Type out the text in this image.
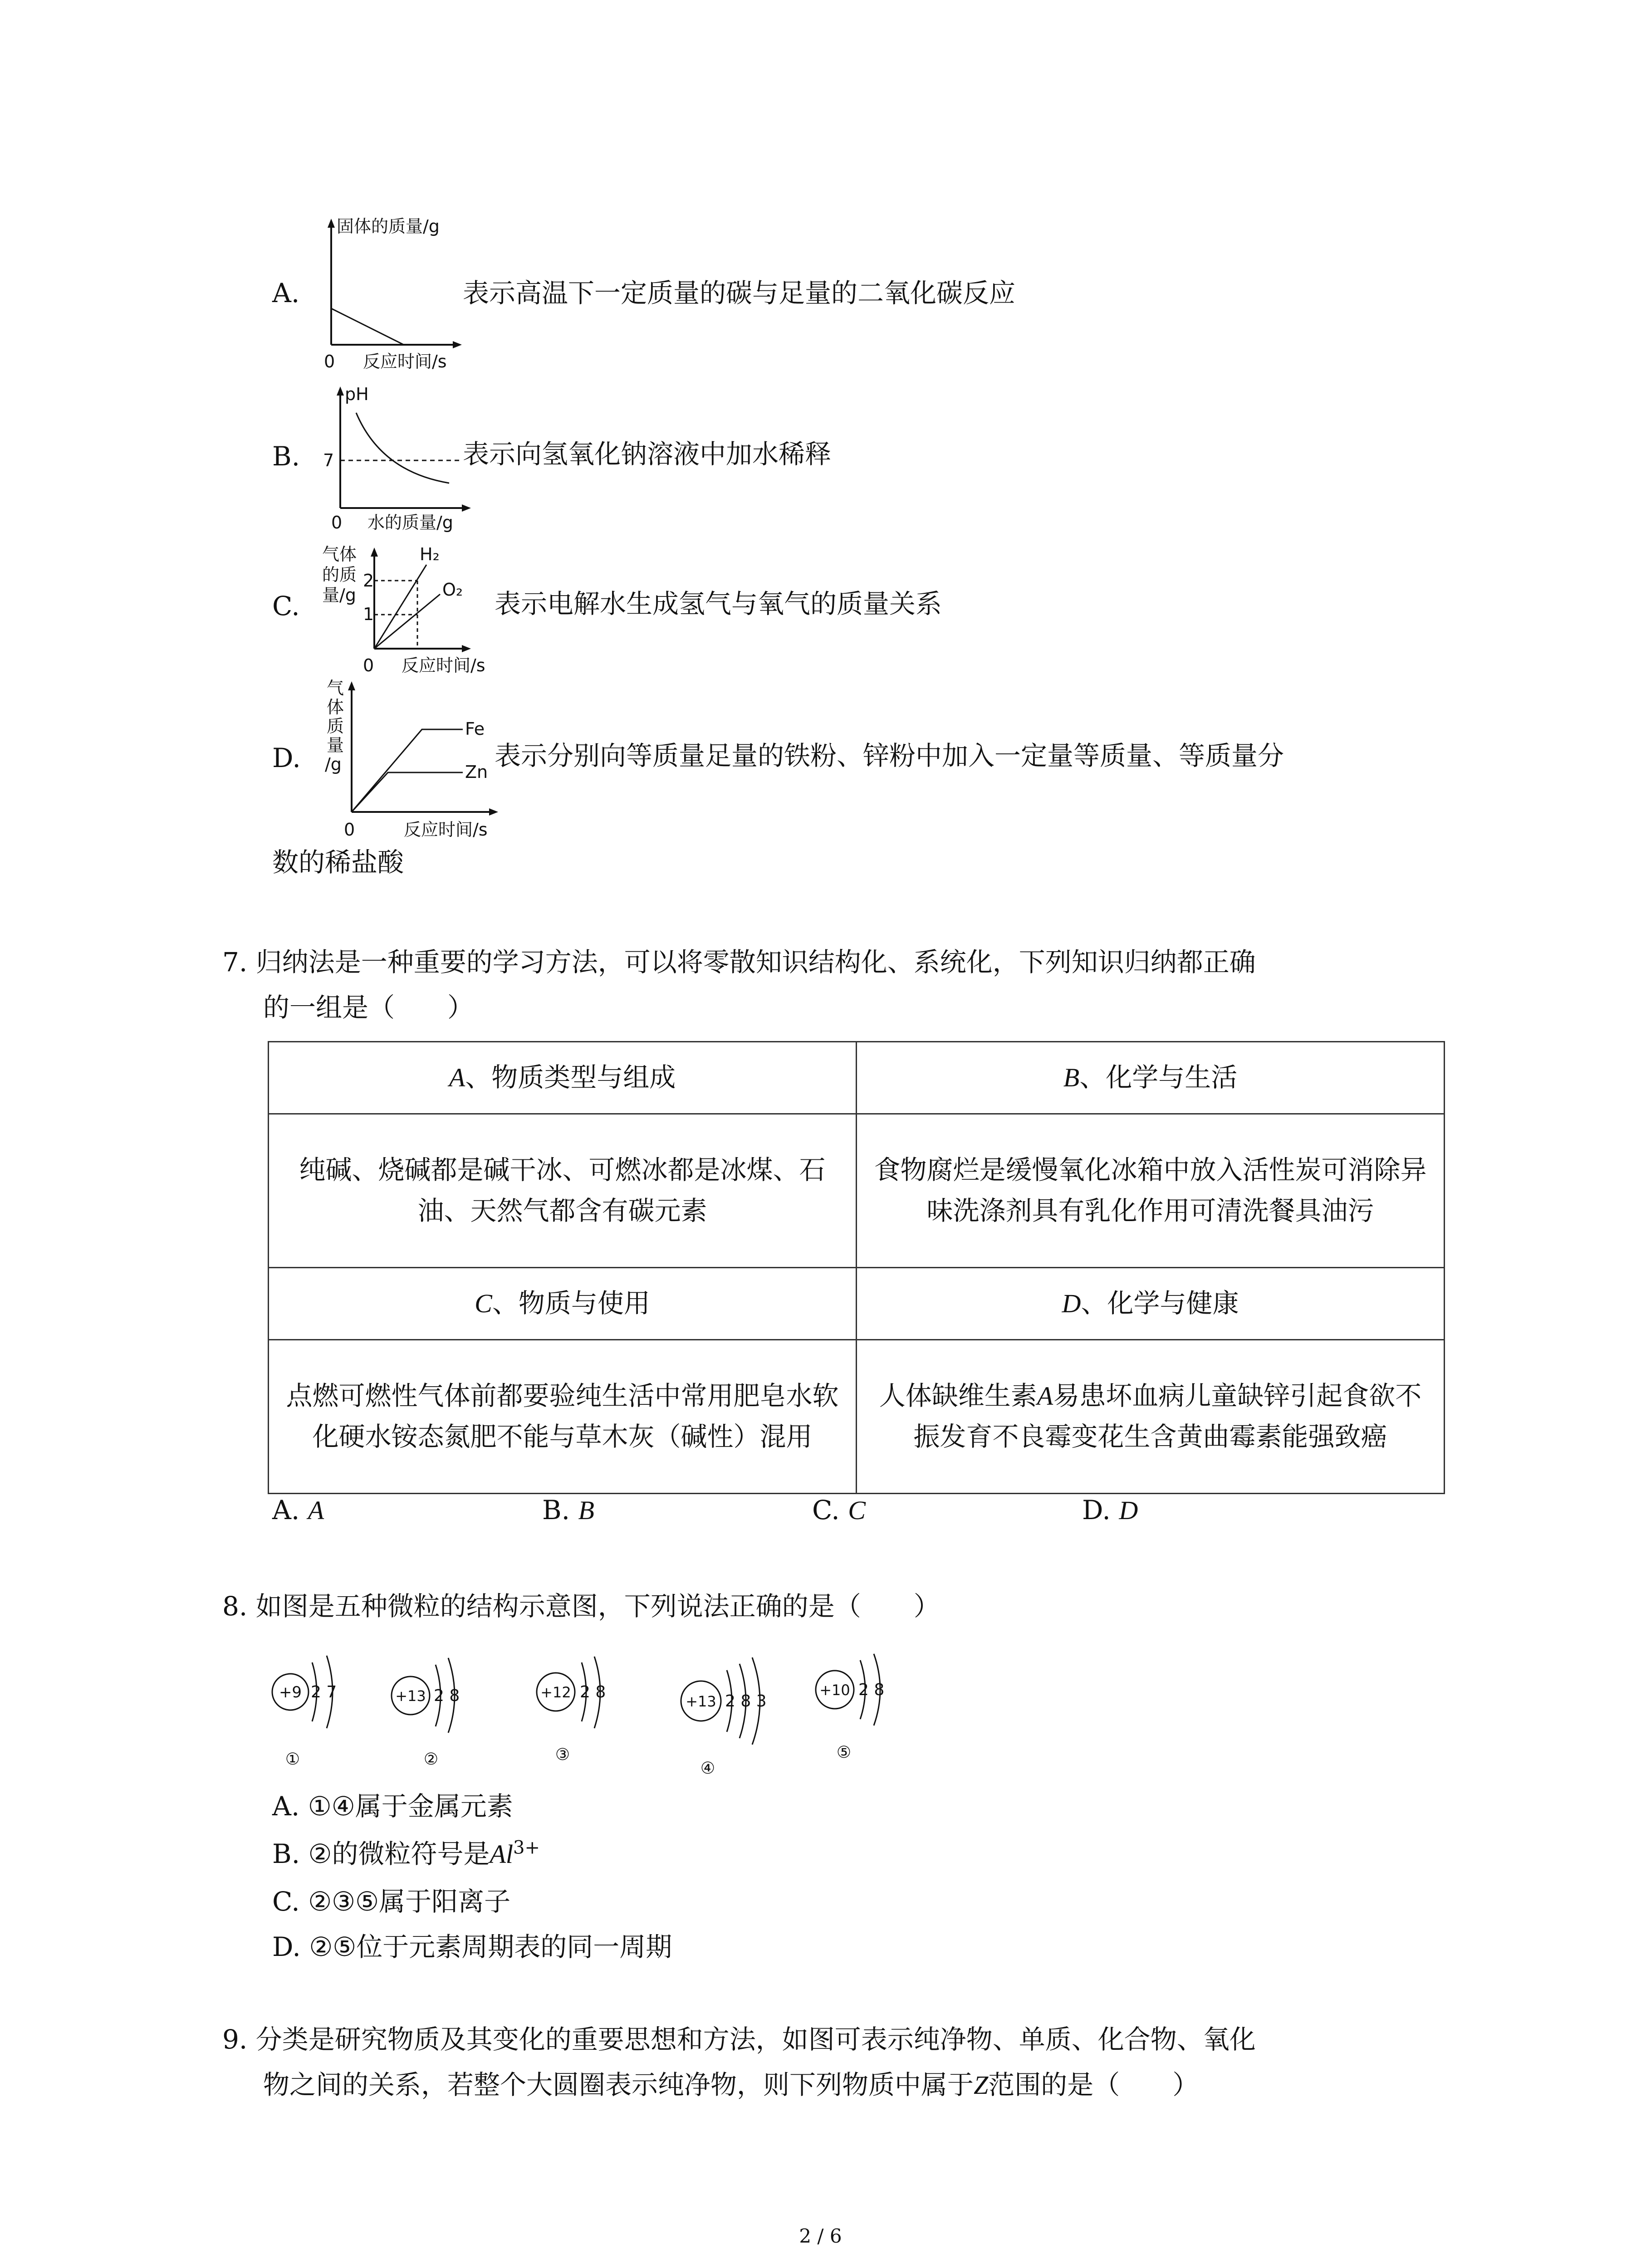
A.
固体的质量/g
0 反应时间/s
表示高温下一定质量的碳与足量的二氧化碳反应
B.
pH
7
0 水的质量/g
表示向氢氧化钠溶液中加水稀释
C.
气体
的质
量/g
H₂
O₂
2
1
0 反应时间/s
表示电解水生成氢气与氧气的质量关系
D.
气
体
质
量
/g
Fe
Zn
0	反应时间/s
表示分别向等质量足量的铁粉、锌粉中加入一定量等质量、等质量分
数的稀盐酸
7. 归纳法是一种重要的学习方法，可以将零散知识结构化、系统化，下列知识归纳都正确
的一组是（　　）
A、物质类型与组成	B、化学与生活
纯碱、烧碱都是碱干冰、可燃冰都是冰煤、石油、天然气都含有碳元素	食物腐烂是缓慢氧化冰箱中放入活性炭可消除异味洗涤剂具有乳化作用可清洗餐具油污
C、物质与使用	D、化学与健康
点燃可燃性气体前都要验纯生活中常用肥皂水软化硬水铵态氮肥不能与草木灰（碱性）混用	人体缺维生素A易患坏血病儿童缺锌引起食欲不振发育不良霉变花生含黄曲霉素能强致癌
A. A	B. B	C. C	D. D
8. 如图是五种微粒的结构示意图，下列说法正确的是（　　）
+9 2 7
①
+13 2 8
②
+12 2 8
③
+13 2 8 3
④
+10 2 8
⑤
A. ①④属于金属元素
B. ②的微粒符号是$Al^{3+}$
C. ②③⑤属于阳离子
D. ②⑤位于元素周期表的同一周期
9. 分类是研究物质及其变化的重要思想和方法，如图可表示纯净物、单质、化合物、氧化
物之间的关系，若整个大圆圈表示纯净物，则下列物质中属于Z范围的是（　　）
2 / 6
